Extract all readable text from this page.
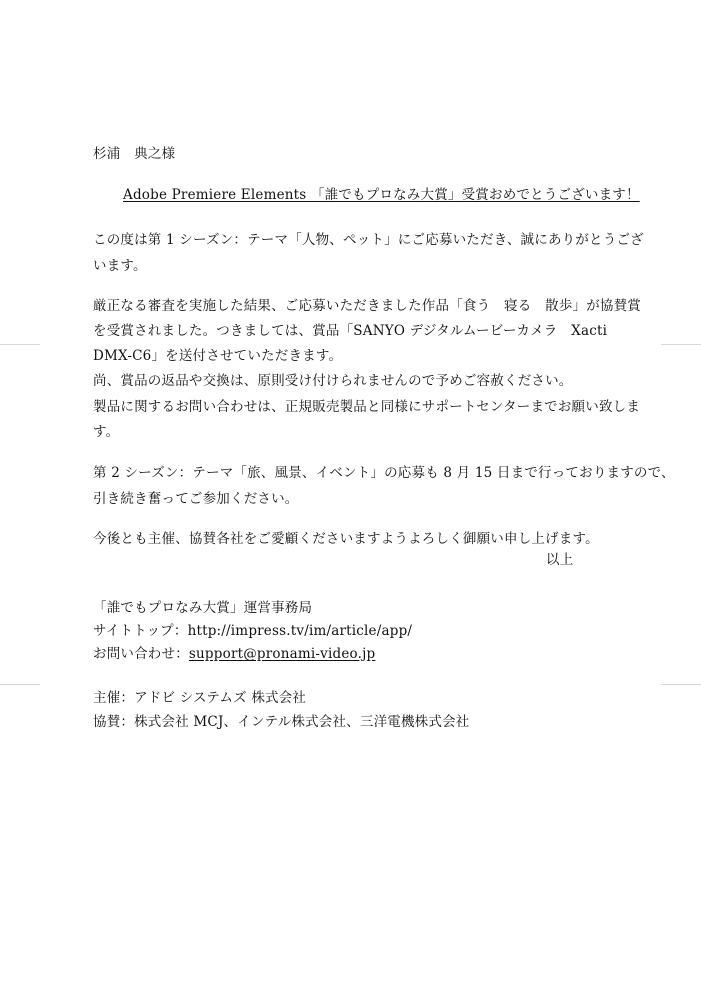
杉浦　典之様
Adobe Premiere Elements 「誰でもプロなみ大賞」受賞おめでとうございます！
この度は第 1 シーズン：テーマ「人物、ペット」にご応募いただき、誠にありがとうござ
います。
厳正なる審査を実施した結果、ご応募いただきました作品「食う　寝る　散歩」が協賛賞
を受賞されました。つきましては、賞品「SANYO デジタルムービーカメラ　Xacti
DMX-C6」を送付させていただきます。
尚、賞品の返品や交換は、原則受け付けられませんので予めご容赦ください。
製品に関するお問い合わせは、正規販売製品と同様にサポートセンターまでお願い致しま
す。
第 2 シーズン：テーマ「旅、風景、イベント」の応募も 8 月 15 日まで行っておりますので、
引き続き奮ってご参加ください。
今後とも主催、協賛各社をご愛顧くださいますようよろしく御願い申し上げます。
以上
「誰でもプロなみ大賞」運営事務局
サイトトップ：http://impress.tv/im/article/app/
お問い合わせ：support@pronami-video.jp
主催：アドビ システムズ 株式会社
協賛：株式会社 MCJ、インテル株式会社、三洋電機株式会社
